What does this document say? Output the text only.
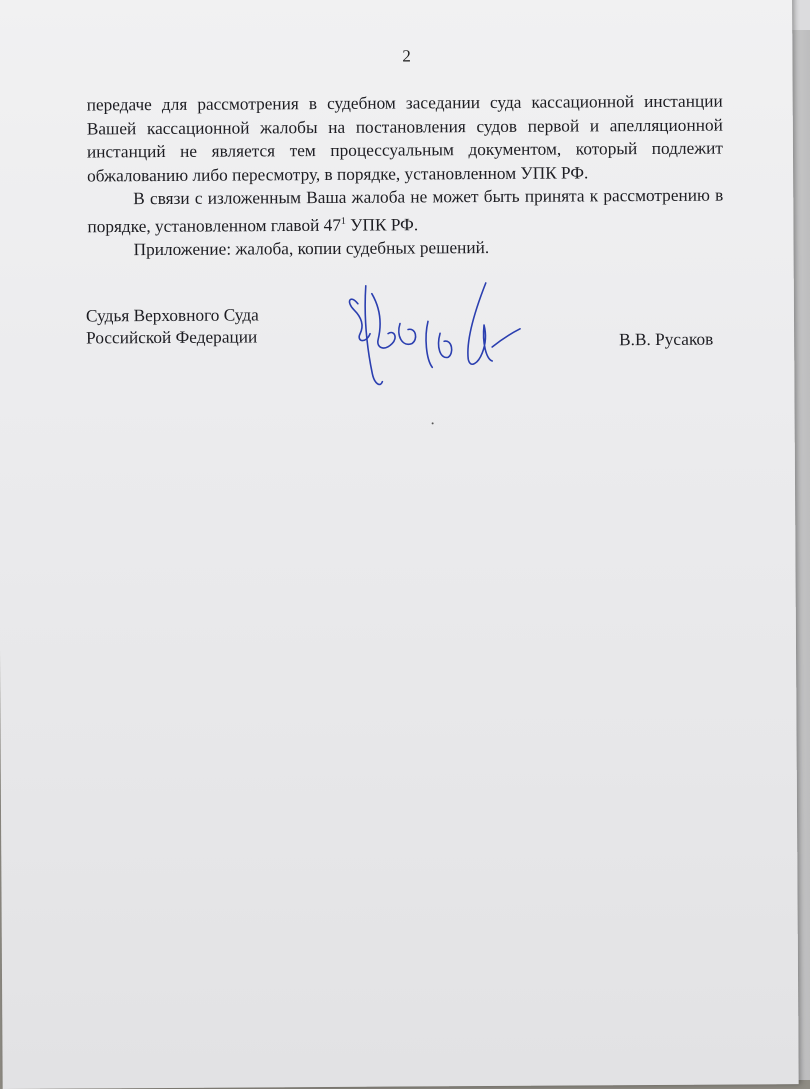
2

передаче для рассмотрения в судебном заседании суда кассационной инстанции Вашей кассационной жалобы на постановления судов первой и апелляционной инстанций не является тем процессуальным документом, который подлежит обжалованию либо пересмотру, в порядке, установленном УПК РФ.

В связи с изложенным Ваша жалоба не может быть принята к рассмотрению в порядке, установленном главой $47^1$ УПК РФ.

Приложение: жалоба, копии судебных решений.

Судья Верховного Суда
Российской Федерации	В.В. Русаков
